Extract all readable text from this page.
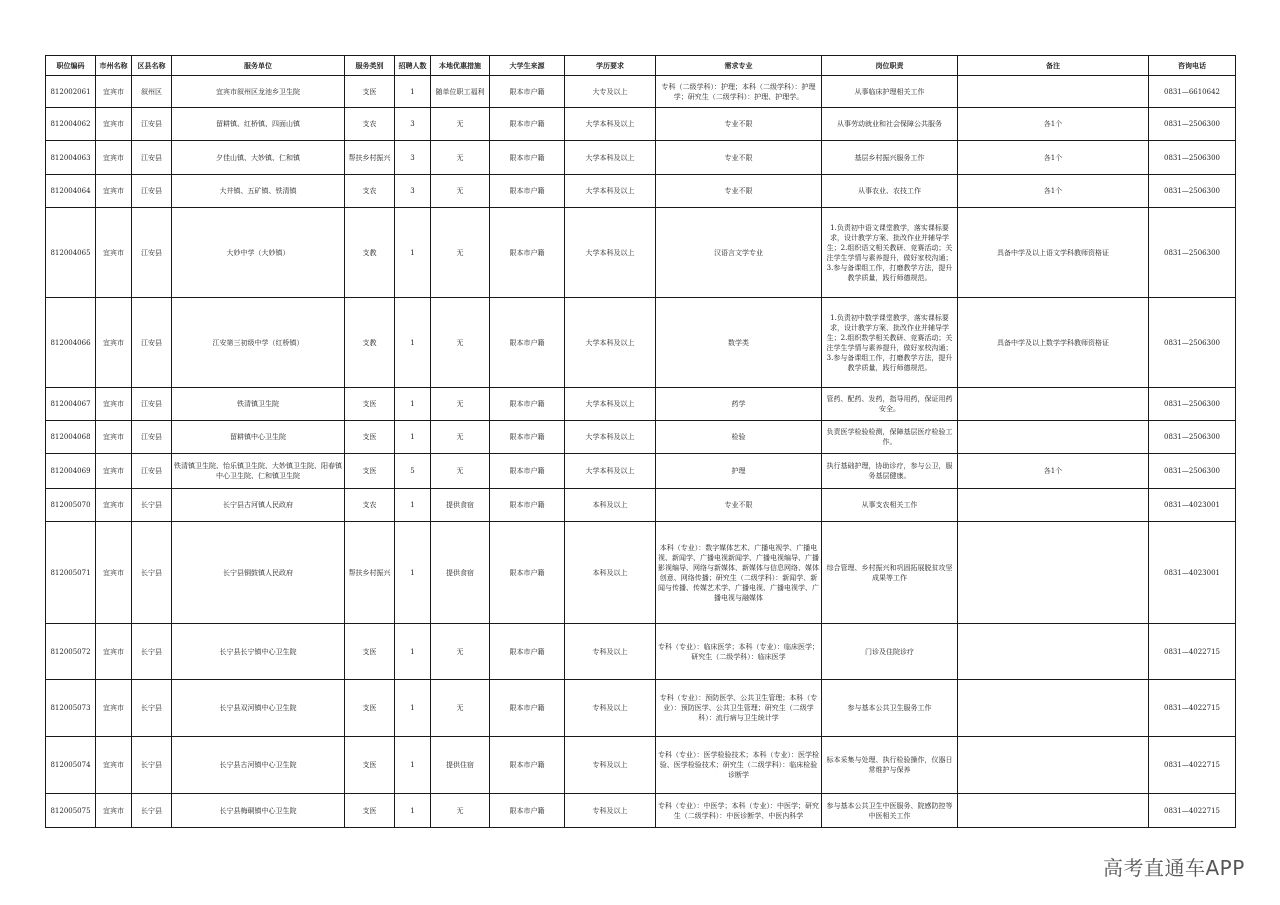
职位编码	市州名称	区县名称	服务单位	服务类别	招聘人数	本地优惠措施	大学生来源	学历要求	需求专业	岗位职责	备注	咨询电话
812002061	宜宾市	叙州区	宜宾市叙州区龙池乡卫生院	支医	1	随单位职工福利	限本市户籍	大专及以上	专科（二级学科）：护理；本科（二级学科）：护理学；研究生（二级学科）：护理、护理学。	从事临床护理相关工作		0831—6610642
812004062	宜宾市	江安县	留耕镇、红桥镇、四面山镇	支农	3	无	限本市户籍	大学本科及以上	专业不限	从事劳动就业和社会保障公共服务	各1个	0831—2506300
812004063	宜宾市	江安县	夕佳山镇、大妙镇、仁和镇	帮扶乡村振兴	3	无	限本市户籍	大学本科及以上	专业不限	基层乡村振兴服务工作	各1个	0831—2506300
812004064	宜宾市	江安县	大井镇、五矿镇、铁清镇	支农	3	无	限本市户籍	大学本科及以上	专业不限	从事农业、农技工作	各1个	0831—2506300
812004065	宜宾市	江安县	大妙中学（大妙镇）	支教	1	无	限本市户籍	大学本科及以上	汉语言文学专业	1.负责初中语文课堂教学，落实课标要求，设计教学方案、批改作业并辅导学生；2.组织语文相关教研、竞赛活动；关注学生学情与素养提升，做好家校沟通；3.参与备课组工作，打磨教学方法，提升教学质量，践行师德规范。	具备中学及以上语文学科教师资格证	0831—2506300
812004066	宜宾市	江安县	江安第三初级中学（红桥镇）	支教	1	无	限本市户籍	大学本科及以上	数学类	1.负责初中数学课堂教学，落实课标要求，设计教学方案、批改作业并辅导学生；2.组织数学相关教研、竞赛活动；关注学生学情与素养提升，做好家校沟通；3.参与备课组工作，打磨教学方法，提升教学质量，践行师德规范。	具备中学及以上数学学科教师资格证	0831—2506300
812004067	宜宾市	江安县	铁清镇卫生院	支医	1	无	限本市户籍	大学本科及以上	药学	管药、配药、发药，指导用药，保证用药安全。		0831—2506300
812004068	宜宾市	江安县	留耕镇中心卫生院	支医	1	无	限本市户籍	大学本科及以上	检验	负责医学检验检测，保障基层医疗检验工作。		0831—2506300
812004069	宜宾市	江安县	铁清镇卫生院、怡乐镇卫生院、大妙镇卫生院、阳春镇中心卫生院、仁和镇卫生院	支医	5	无	限本市户籍	大学本科及以上	护理	执行基础护理，协助诊疗，参与公卫，服务基层健康。	各1个	0831—2506300
812005070	宜宾市	长宁县	长宁县古河镇人民政府	支农	1	提供食宿	限本市户籍	本科及以上	专业不限	从事支农相关工作		0831—4023001
812005071	宜宾市	长宁县	长宁县铜鼓镇人民政府	帮扶乡村振兴	1	提供食宿	限本市户籍	本科及以上	本科（专业）：数字媒体艺术、广播电视学、广播电视、新闻学、广播电视新闻学、广播电视编导、广播影视编导、网络与新媒体、新媒体与信息网络、媒体创意、网络传播；研究生（二级学科）：新闻学、新闻与传播、传媒艺术学、广播电视、广播电视学、广播电视与融媒体	综合管理、乡村振兴和巩固拓展脱贫攻坚成果等工作		0831—4023001
812005072	宜宾市	长宁县	长宁县长宁镇中心卫生院	支医	1	无	限本市户籍	专科及以上	专科（专业）：临床医学；本科（专业）：临床医学；研究生（二级学科）：临床医学	门诊及住院诊疗		0831—4022715
812005073	宜宾市	长宁县	长宁县双河镇中心卫生院	支医	1	无	限本市户籍	专科及以上	专科（专业）：预防医学、公共卫生管理；本科（专业）：预防医学、公共卫生管理；研究生（二级学科）：流行病与卫生统计学	参与基本公共卫生服务工作		0831—4022715
812005074	宜宾市	长宁县	长宁县古河镇中心卫生院	支医	1	提供住宿	限本市户籍	专科及以上	专科（专业）：医学检验技术；本科（专业）：医学检验、医学检验技术；研究生（二级学科）：临床检验诊断学	标本采集与处理、执行检验操作，仪器日常维护与保养		0831—4022715
812005075	宜宾市	长宁县	长宁县梅硐镇中心卫生院	支医	1	无	限本市户籍	专科及以上	专科（专业）：中医学；本科（专业）：中医学；研究生（二级学科）：中医诊断学、中医内科学	参与基本公共卫生中医服务、院感防控等中医相关工作		0831—4022715
高考直通车APP
